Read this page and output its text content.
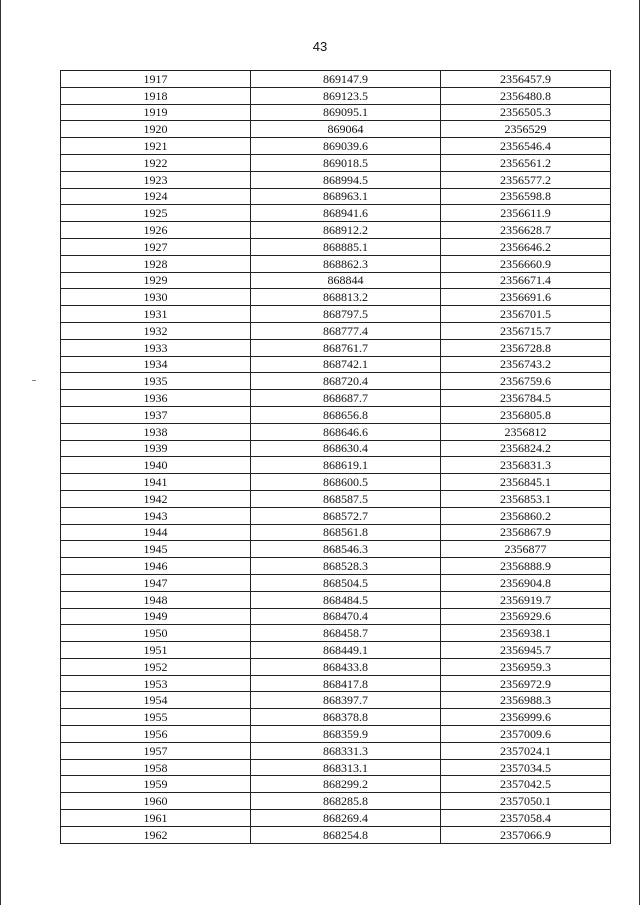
43
1917	869147.9	2356457.9
1918	869123.5	2356480.8
1919	869095.1	2356505.3
1920	869064	2356529
1921	869039.6	2356546.4
1922	869018.5	2356561.2
1923	868994.5	2356577.2
1924	868963.1	2356598.8
1925	868941.6	2356611.9
1926	868912.2	2356628.7
1927	868885.1	2356646.2
1928	868862.3	2356660.9
1929	868844	2356671.4
1930	868813.2	2356691.6
1931	868797.5	2356701.5
1932	868777.4	2356715.7
1933	868761.7	2356728.8
1934	868742.1	2356743.2
1935	868720.4	2356759.6
1936	868687.7	2356784.5
1937	868656.8	2356805.8
1938	868646.6	2356812
1939	868630.4	2356824.2
1940	868619.1	2356831.3
1941	868600.5	2356845.1
1942	868587.5	2356853.1
1943	868572.7	2356860.2
1944	868561.8	2356867.9
1945	868546.3	2356877
1946	868528.3	2356888.9
1947	868504.5	2356904.8
1948	868484.5	2356919.7
1949	868470.4	2356929.6
1950	868458.7	2356938.1
1951	868449.1	2356945.7
1952	868433.8	2356959.3
1953	868417.8	2356972.9
1954	868397.7	2356988.3
1955	868378.8	2356999.6
1956	868359.9	2357009.6
1957	868331.3	2357024.1
1958	868313.1	2357034.5
1959	868299.2	2357042.5
1960	868285.8	2357050.1
1961	868269.4	2357058.4
1962	868254.8	2357066.9
